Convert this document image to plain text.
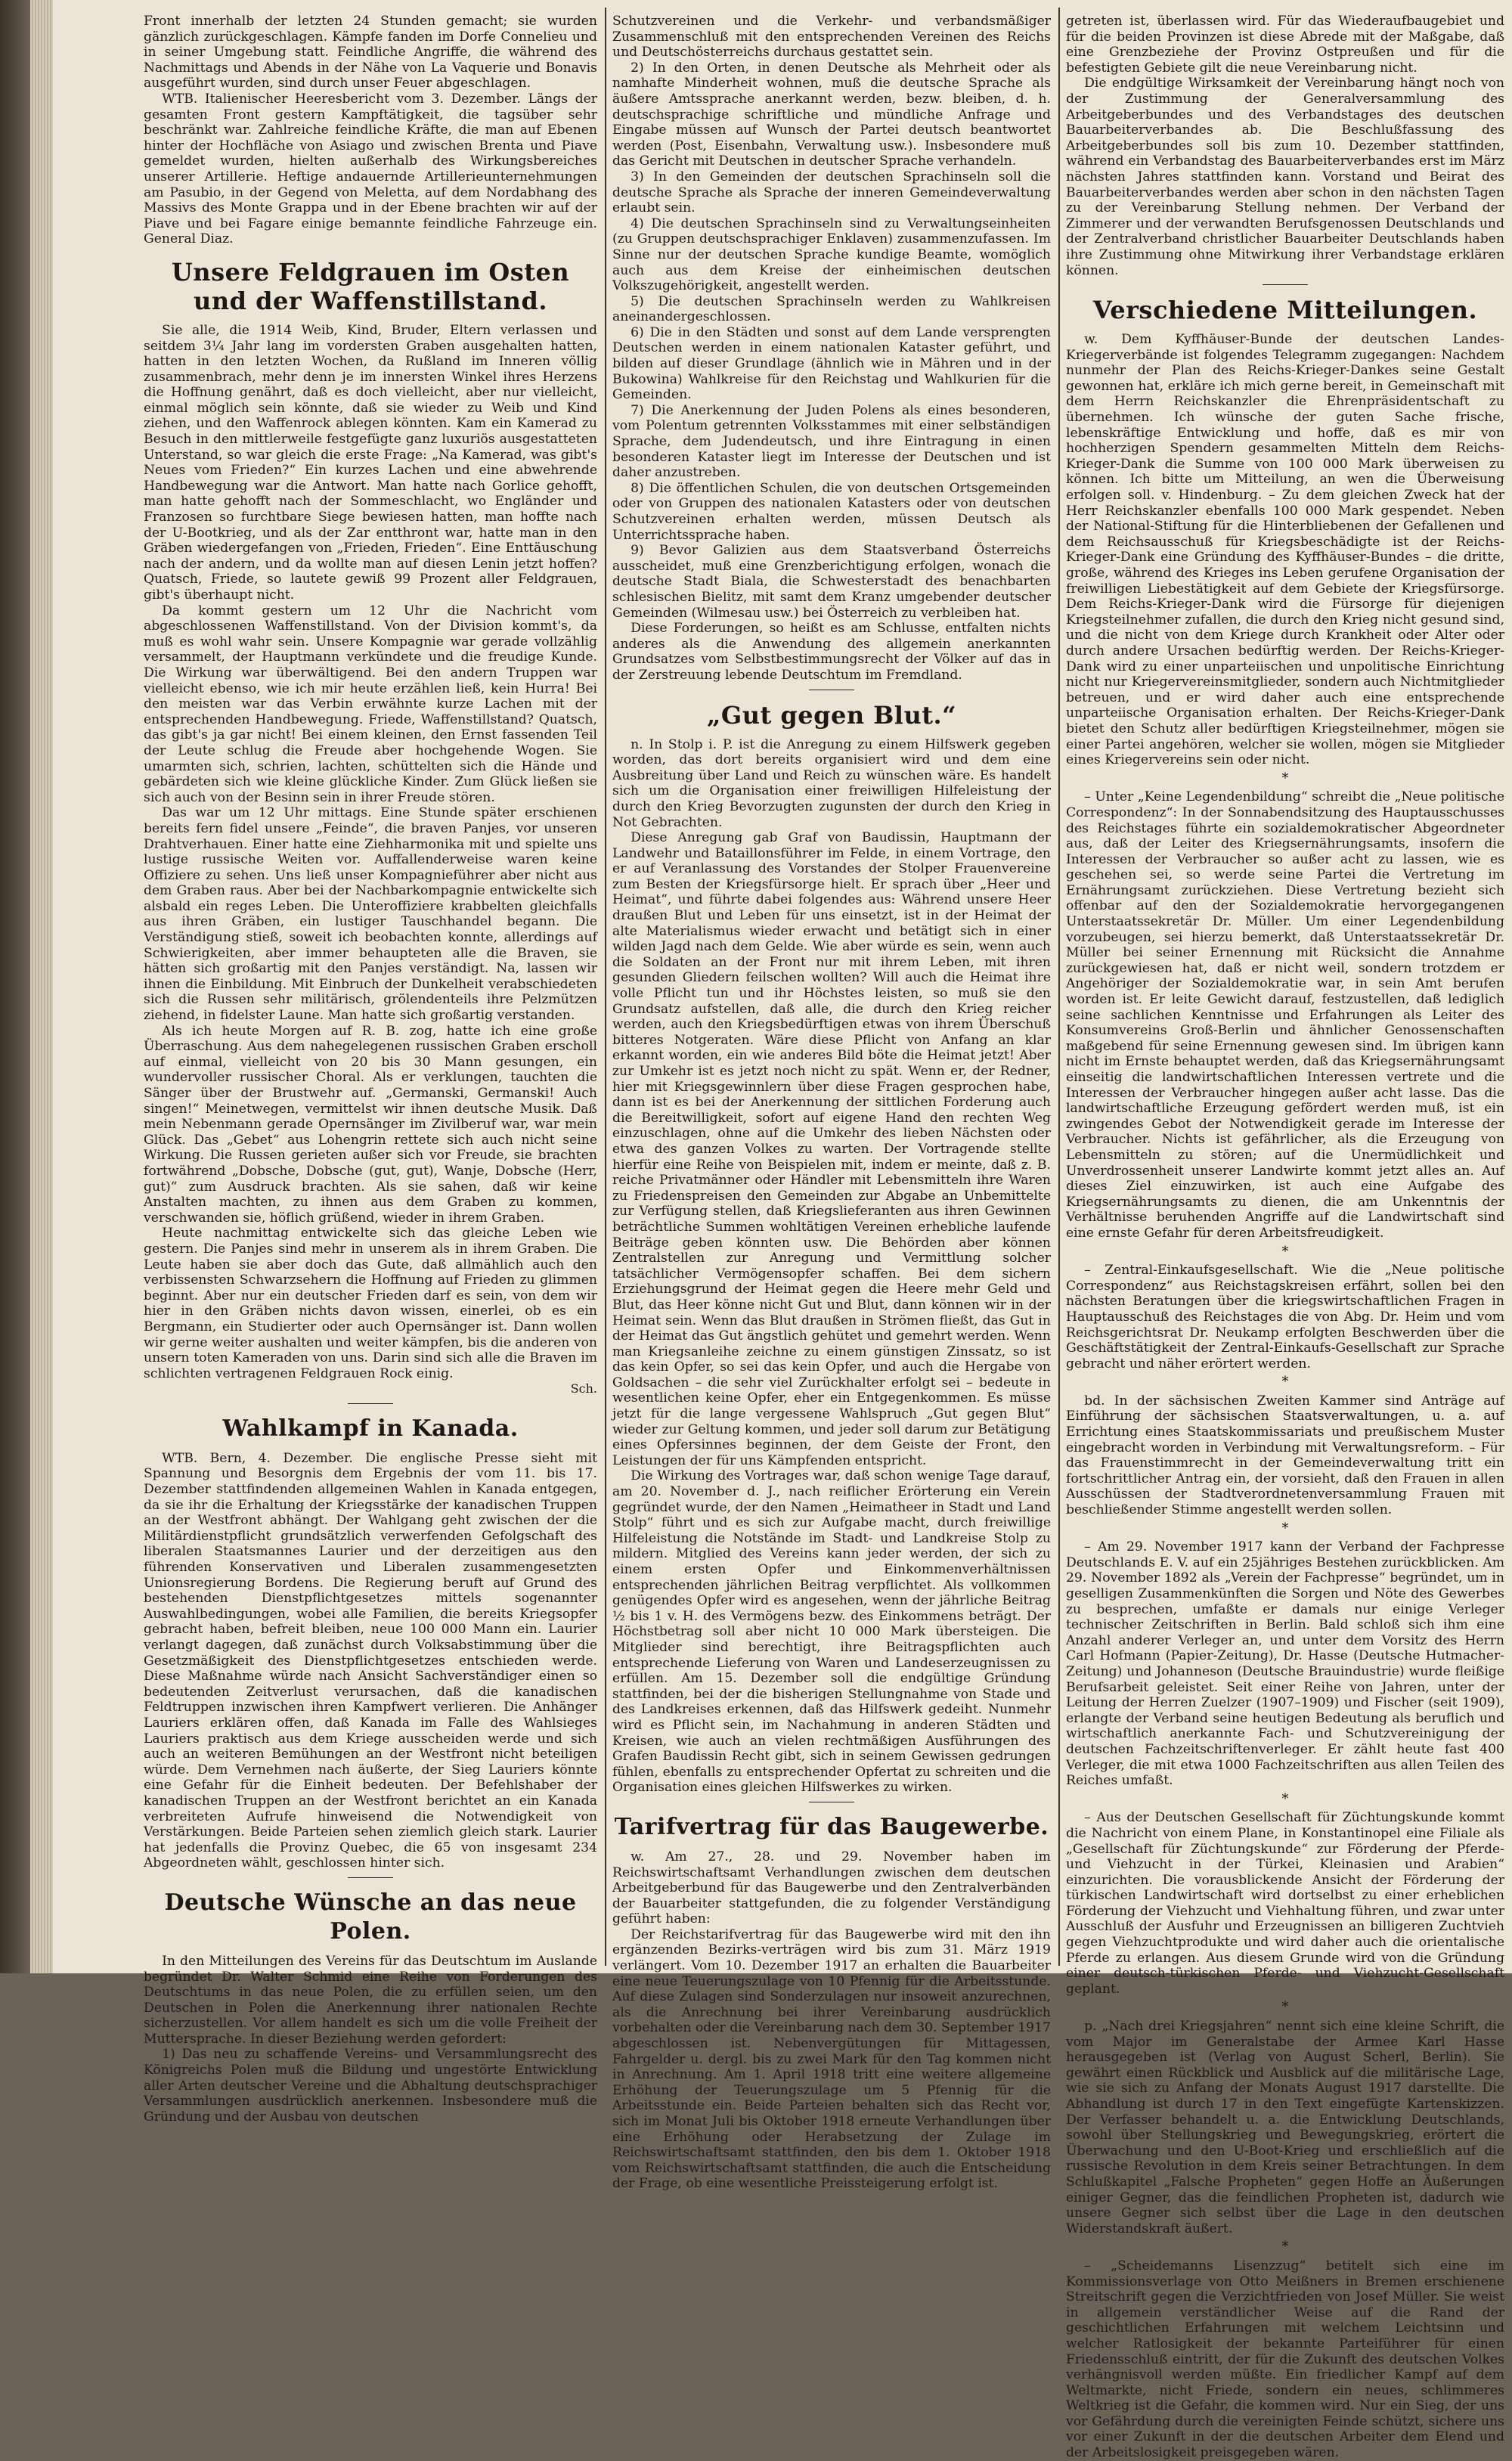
Front innerhalb der letzten 24 Stunden gemacht; sie wurden gänzlich zurückgeschlagen. Kämpfe fanden im Dorfe Connelieu und in seiner Umgebung statt. Feindliche Angriffe, die während des Nachmittags und Abends in der Nähe von La Vaquerie und Bonavis ausgeführt wurden, sind durch unser Feuer abgeschlagen.

WTB. Italienischer Heeresbericht vom 3. Dezember. Längs der gesamten Front gestern Kampftätigkeit, die tagsüber sehr beschränkt war. Zahlreiche feindliche Kräfte, die man auf Ebenen hinter der Hochfläche von Asiago und zwischen Brenta und Piave gemeldet wurden, hielten außerhalb des Wirkungsbereiches unserer Artillerie. Heftige andauernde Artillerieunternehmungen am Pasubio, in der Gegend von Meletta, auf dem Nordabhang des Massivs des Monte Grappa und in der Ebene brachten wir auf der Piave und bei Fagare einige bemannte feindliche Fahrzeuge ein. General Diaz.

Unsere Feldgrauen im Osten und der Waffenstillstand.

Sie alle, die 1914 Weib, Kind, Bruder, Eltern verlassen und seitdem 3¼ Jahr lang im vordersten Graben ausgehalten hatten, hatten in den letzten Wochen, da Rußland im Inneren völlig zusammenbrach, mehr denn je im innersten Winkel ihres Herzens die Hoffnung genährt, daß es doch vielleicht, aber nur vielleicht, einmal möglich sein könnte, daß sie wieder zu Weib und Kind ziehen, und den Waffenrock ablegen könnten. Kam ein Kamerad zu Besuch in den mittlerweile festgefügte ganz luxuriös ausgestatteten Unterstand, so war gleich die erste Frage: „Na Kamerad, was gibt's Neues vom Frieden?“ Ein kurzes Lachen und eine abwehrende Handbewegung war die Antwort. Man hatte nach Gorlice gehofft, man hatte gehofft nach der Sommeschlacht, wo Engländer und Franzosen so furchtbare Siege bewiesen hatten, man hoffte nach der U-Bootkrieg, und als der Zar entthront war, hatte man in den Gräben wiedergefangen von „Frieden, Frieden“. Eine Enttäuschung nach der andern, und da wollte man auf diesen Lenin jetzt hoffen? Quatsch, Friede, so lautete gewiß 99 Prozent aller Feldgrauen, gibt's überhaupt nicht.

Da kommt gestern um 12 Uhr die Nachricht vom abgeschlossenen Waffenstillstand. Von der Division kommt's, da muß es wohl wahr sein. Unsere Kompagnie war gerade vollzählig versammelt, der Hauptmann verkündete und die freudige Kunde. Die Wirkung war überwältigend. Bei den andern Truppen war vielleicht ebenso, wie ich mir heute erzählen ließ, kein Hurra! Bei den meisten war das Verbin erwähnte kurze Lachen mit der entsprechenden Handbewegung. Friede, Waffenstillstand? Quatsch, das gibt's ja gar nicht! Bei einem kleinen, den Ernst fassenden Teil der Leute schlug die Freude aber hochgehende Wogen. Sie umarmten sich, schrien, lachten, schüttelten sich die Hände und gebärdeten sich wie kleine glückliche Kinder. Zum Glück ließen sie sich auch von der Besinn sein in ihrer Freude stören.

Das war um 12 Uhr mittags. Eine Stunde später erschienen bereits fern fidel unsere „Feinde“, die braven Panjes, vor unseren Drahtverhauen. Einer hatte eine Ziehharmonika mit und spielte uns lustige russische Weiten vor. Auffallenderweise waren keine Offiziere zu sehen. Uns ließ unser Kompagnieführer aber nicht aus dem Graben raus. Aber bei der Nachbarkompagnie entwickelte sich alsbald ein reges Leben. Die Unteroffiziere krabbelten gleichfalls aus ihren Gräben, ein lustiger Tauschhandel begann. Die Verständigung stieß, soweit ich beobachten konnte, allerdings auf Schwierigkeiten, aber immer behaupteten alle die Braven, sie hätten sich großartig mit den Panjes verständigt. Na, lassen wir ihnen die Einbildung. Mit Einbruch der Dunkelheit verabschiedeten sich die Russen sehr militärisch, grölendenteils ihre Pelzmützen ziehend, in fidelster Laune. Man hatte sich großartig verstanden.

Als ich heute Morgen auf R. B. zog, hatte ich eine große Überraschung. Aus dem nahegelegenen russischen Graben erscholl auf einmal, vielleicht von 20 bis 30 Mann gesungen, ein wundervoller russischer Choral. Als er verklungen, tauchten die Sänger über der Brustwehr auf. „Germanski, Germanski! Auch singen!“ Meinetwegen, vermittelst wir ihnen deutsche Musik. Daß mein Nebenmann gerade Opernsänger im Zivilberuf war, war mein Glück. Das „Gebet“ aus Lohengrin rettete sich auch nicht seine Wirkung. Die Russen gerieten außer sich vor Freude, sie brachten fortwährend „Dobsche, Dobsche (gut, gut), Wanje, Dobsche (Herr, gut)“ zum Ausdruck brachten. Als sie sahen, daß wir keine Anstalten machten, zu ihnen aus dem Graben zu kommen, verschwanden sie, höflich grüßend, wieder in ihrem Graben.

Heute nachmittag entwickelte sich das gleiche Leben wie gestern. Die Panjes sind mehr in unserem als in ihrem Graben. Die Leute haben sie aber doch das Gute, daß allmählich auch den verbissensten Schwarzsehern die Hoffnung auf Frieden zu glimmen beginnt. Aber nur ein deutscher Frieden darf es sein, von dem wir hier in den Gräben nichts davon wissen, einerlei, ob es ein Bergmann, ein Studierter oder auch Opernsänger ist. Dann wollen wir gerne weiter aushalten und weiter kämpfen, bis die anderen von unsern toten Kameraden von uns. Darin sind sich alle die Braven im schlichten vertragenen Feldgrauen Rock einig.

Sch.
Wahlkampf in Kanada.

WTB. Bern, 4. Dezember. Die englische Presse sieht mit Spannung und Besorgnis dem Ergebnis der vom 11. bis 17. Dezember stattfindenden allgemeinen Wahlen in Kanada entgegen, da sie ihr die Erhaltung der Kriegsstärke der kanadischen Truppen an der Westfront abhängt. Der Wahlgang geht zwischen der die Militärdienstpflicht grundsätzlich verwerfenden Gefolgschaft des liberalen Staatsmannes Laurier und der derzeitigen aus den führenden Konservativen und Liberalen zusammengesetzten Unionsregierung Bordens. Die Regierung beruft auf Grund des bestehenden Dienstpflichtgesetzes mittels sogenannter Auswahlbedingungen, wobei alle Familien, die bereits Kriegsopfer gebracht haben, befreit bleiben, neue 100 000 Mann ein. Laurier verlangt dagegen, daß zunächst durch Volksabstimmung über die Gesetzmäßigkeit des Dienstpflichtgesetzes entschieden werde. Diese Maßnahme würde nach Ansicht Sachverständiger einen so bedeutenden Zeitverlust verursachen, daß die kanadischen Feldtruppen inzwischen ihren Kampfwert verlieren. Die Anhänger Lauriers erklären offen, daß Kanada im Falle des Wahlsieges Lauriers praktisch aus dem Kriege ausscheiden werde und sich auch an weiteren Bemühungen an der Westfront nicht beteiligen würde. Dem Vernehmen nach äußerte, der Sieg Lauriers könnte eine Gefahr für die Einheit bedeuten. Der Befehlshaber der kanadischen Truppen an der Westfront berichtet an ein Kanada verbreiteten Aufrufe hinweisend die Notwendigkeit von Verstärkungen. Beide Parteien sehen ziemlich gleich stark. Laurier hat jedenfalls die Provinz Quebec, die 65 von insgesamt 234 Abgeordneten wählt, geschlossen hinter sich.

Deutsche Wünsche an das neue Polen.

In den Mitteilungen des Vereins für das Deutschtum im Auslande begründet Dr. Walter Schmid eine Reihe von Forderungen des Deutschtums in das neue Polen, die zu erfüllen seien, um den Deutschen in Polen die Anerkennung ihrer nationalen Rechte sicherzustellen. Vor allem handelt es sich um die volle Freiheit der Muttersprache. In dieser Beziehung werden gefordert:

1) Das neu zu schaffende Vereins- und Versammlungsrecht des Königreichs Polen muß die Bildung und ungestörte Entwicklung aller Arten deutscher Vereine und die Abhaltung deutschsprachiger Versammlungen ausdrücklich anerkennen. Insbesondere muß die Gründung und der Ausbau von deutschen

Schutzvereinen und die Verkehr- und verbandsmäßiger Zusammenschluß mit den entsprechenden Vereinen des Reichs und Deutschösterreichs durchaus gestattet sein.

2) In den Orten, in denen Deutsche als Mehrheit oder als namhafte Minderheit wohnen, muß die deutsche Sprache als äußere Amtssprache anerkannt werden, bezw. bleiben, d. h. deutschsprachige schriftliche und mündliche Anfrage und Eingabe müssen auf Wunsch der Partei deutsch beantwortet werden (Post, Eisenbahn, Verwaltung usw.). Insbesondere muß das Gericht mit Deutschen in deutscher Sprache verhandeln.

3) In den Gemeinden der deutschen Sprachinseln soll die deutsche Sprache als Sprache der inneren Gemeindeverwaltung erlaubt sein.

4) Die deutschen Sprachinseln sind zu Verwaltungseinheiten (zu Gruppen deutschsprachiger Enklaven) zusammenzufassen. Im Sinne nur der deutschen Sprache kundige Beamte, womöglich auch aus dem Kreise der einheimischen deutschen Volkszugehörigkeit, angestellt werden.

5) Die deutschen Sprachinseln werden zu Wahlkreisen aneinandergeschlossen.

6) Die in den Städten und sonst auf dem Lande versprengten Deutschen werden in einem nationalen Kataster geführt, und bilden auf dieser Grundlage (ähnlich wie in Mähren und in der Bukowina) Wahlkreise für den Reichstag und Wahlkurien für die Gemeinden.

7) Die Anerkennung der Juden Polens als eines besonderen, vom Polentum getrennten Volksstammes mit einer selbständigen Sprache, dem Judendeutsch, und ihre Eintragung in einen besonderen Kataster liegt im Interesse der Deutschen und ist daher anzustreben.

8) Die öffentlichen Schulen, die von deutschen Ortsgemeinden oder von Gruppen des nationalen Katasters oder von deutschen Schutzvereinen erhalten werden, müssen Deutsch als Unterrichtssprache haben.

9) Bevor Galizien aus dem Staatsverband Österreichs ausscheidet, muß eine Grenzberichtigung erfolgen, wonach die deutsche Stadt Biala, die Schwesterstadt des benachbarten schlesischen Bielitz, mit samt dem Kranz umgebender deutscher Gemeinden (Wilmesau usw.) bei Österreich zu verbleiben hat.

Diese Forderungen, so heißt es am Schlusse, entfalten nichts anderes als die Anwendung des allgemein anerkannten Grundsatzes vom Selbstbestimmungsrecht der Völker auf das in der Zerstreuung lebende Deutschtum im Fremdland.

„Gut gegen Blut.“

n. In Stolp i. P. ist die Anregung zu einem Hilfswerk gegeben worden, das dort bereits organisiert wird und dem eine Ausbreitung über Land und Reich zu wünschen wäre. Es handelt sich um die Organisation einer freiwilligen Hilfeleistung der durch den Krieg Bevorzugten zugunsten der durch den Krieg in Not Gebrachten.

Diese Anregung gab Graf von Baudissin, Hauptmann der Landwehr und Bataillonsführer im Felde, in einem Vortrage, den er auf Veranlassung des Vorstandes der Stolper Frauenvereine zum Besten der Kriegsfürsorge hielt. Er sprach über „Heer und Heimat“, und führte dabei folgendes aus: Während unsere Heer draußen Blut und Leben für uns einsetzt, ist in der Heimat der alte Materialismus wieder erwacht und betätigt sich in einer wilden Jagd nach dem Gelde. Wie aber würde es sein, wenn auch die Soldaten an der Front nur mit ihrem Leben, mit ihren gesunden Gliedern feilschen wollten? Will auch die Heimat ihre volle Pflicht tun und ihr Höchstes leisten, so muß sie den Grundsatz aufstellen, daß alle, die durch den Krieg reicher werden, auch den Kriegsbedürftigen etwas von ihrem Überschuß bitteres Notgeraten. Wäre diese Pflicht von Anfang an klar erkannt worden, ein wie anderes Bild böte die Heimat jetzt! Aber zur Umkehr ist es jetzt noch nicht zu spät. Wenn er, der Redner, hier mit Kriegsgewinnlern über diese Fragen gesprochen habe, dann ist es bei der Anerkennung der sittlichen Forderung auch die Bereitwilligkeit, sofort auf eigene Hand den rechten Weg einzuschlagen, ohne auf die Umkehr des lieben Nächsten oder etwa des ganzen Volkes zu warten. Der Vortragende stellte hierfür eine Reihe von Beispielen mit, indem er meinte, daß z. B. reiche Privatmänner oder Händler mit Lebensmitteln ihre Waren zu Friedenspreisen den Gemeinden zur Abgabe an Unbemittelte zur Verfügung stellen, daß Kriegslieferanten aus ihren Gewinnen beträchtliche Summen wohltätigen Vereinen erhebliche laufende Beiträge geben könnten usw. Die Behörden aber können Zentralstellen zur Anregung und Vermittlung solcher tatsächlicher Vermögensopfer schaffen. Bei dem sichern Erziehungsgrund der Heimat gegen die Heere mehr Geld und Blut, das Heer könne nicht Gut und Blut, dann können wir in der Heimat sein. Wenn das Blut draußen in Strömen fließt, das Gut in der Heimat das Gut ängstlich gehütet und gemehrt werden. Wenn man Kriegsanleihe zeichne zu einem günstigen Zinssatz, so ist das kein Opfer, so sei das kein Opfer, und auch die Hergabe von Goldsachen – die sehr viel Zurückhalter erfolgt sei – bedeute in wesentlichen keine Opfer, eher ein Entgegenkommen. Es müsse jetzt für die lange vergessene Wahlspruch „Gut gegen Blut“ wieder zur Geltung kommen, und jeder soll darum zur Betätigung eines Opfersinnes beginnen, der dem Geiste der Front, den Leistungen der für uns Kämpfenden entspricht.

Die Wirkung des Vortrages war, daß schon wenige Tage darauf, am 20. November d. J., nach reiflicher Erörterung ein Verein gegründet wurde, der den Namen „Heimatheer in Stadt und Land Stolp“ führt und es sich zur Aufgabe macht, durch freiwillige Hilfeleistung die Notstände im Stadt- und Landkreise Stolp zu mildern. Mitglied des Vereins kann jeder werden, der sich zu einem ersten Opfer und Einkommenverhältnissen entsprechenden jährlichen Beitrag verpflichtet. Als vollkommen genügendes Opfer wird es angesehen, wenn der jährliche Beitrag ½ bis 1 v. H. des Vermögens bezw. des Einkommens beträgt. Der Höchstbetrag soll aber nicht 10 000 Mark übersteigen. Die Mitglieder sind berechtigt, ihre Beitragspflichten auch entsprechende Lieferung von Waren und Landeserzeugnissen zu erfüllen. Am 15. Dezember soll die endgültige Gründung stattfinden, bei der die bisherigen Stellungnahme von Stade und des Landkreises erkennen, daß das Hilfswerk gedeiht. Nunmehr wird es Pflicht sein, im Nachahmung in anderen Städten und Kreisen, wie auch an vielen rechtmäßigen Ausführungen des Grafen Baudissin Recht gibt, sich in seinem Gewissen gedrungen fühlen, ebenfalls zu entsprechender Opfertat zu schreiten und die Organisation eines gleichen Hilfswerkes zu wirken.

Tarifvertrag für das Baugewerbe.

w. Am 27., 28. und 29. November haben im Reichswirtschaftsamt Verhandlungen zwischen dem deutschen Arbeitgeberbund für das Baugewerbe und den Zentralverbänden der Bauarbeiter stattgefunden, die zu folgender Verständigung geführt haben:

Der Reichstarifvertrag für das Baugewerbe wird mit den ihn ergänzenden Bezirks-verträgen wird bis zum 31. März 1919 verlängert. Vom 10. Dezember 1917 an erhalten die Bauarbeiter eine neue Teuerungszulage von 10 Pfennig für die Arbeitsstunde. Auf diese Zulagen sind Sonderzulagen nur insoweit anzurechnen, als die Anrechnung bei ihrer Vereinbarung ausdrücklich vorbehalten oder die Vereinbarung nach dem 30. September 1917 abgeschlossen ist. Nebenvergütungen für Mittagessen, Fahrgelder u. dergl. bis zu zwei Mark für den Tag kommen nicht in Anrechnung. Am 1. April 1918 tritt eine weitere allgemeine Erhöhung der Teuerungszulage um 5 Pfennig für die Arbeitsstunde ein. Beide Parteien behalten sich das Recht vor, sich im Monat Juli bis Oktober 1918 erneute Verhandlungen über eine Erhöhung oder Herabsetzung der Zulage im Reichswirtschaftsamt stattfinden, den bis dem 1. Oktober 1918 vom Reichswirtschaftsamt stattfinden, die auch die Entscheidung der Frage, ob eine wesentliche Preissteigerung erfolgt ist.

getreten ist, überlassen wird. Für das Wiederaufbaugebiet und für die beiden Provinzen ist diese Abrede mit der Maßgabe, daß eine Grenzbeziehe der Provinz Ostpreußen und für die befestigten Gebiete gilt die neue Vereinbarung nicht.

Die endgültige Wirksamkeit der Vereinbarung hängt noch von der Zustimmung der Generalversammlung des Arbeitgeberbundes und des Verbandstages des deutschen Bauarbeiterverbandes ab. Die Beschlußfassung des Arbeitgeberbundes soll bis zum 10. Dezember stattfinden, während ein Verbandstag des Bauarbeiterverbandes erst im März nächsten Jahres stattfinden kann. Vorstand und Beirat des Bauarbeiterverbandes werden aber schon in den nächsten Tagen zu der Vereinbarung Stellung nehmen. Der Verband der Zimmerer und der verwandten Berufsgenossen Deutschlands und der Zentralverband christlicher Bauarbeiter Deutschlands haben ihre Zustimmung ohne Mitwirkung ihrer Verbandstage erklären können.

Verschiedene Mitteilungen.

w. Dem Kyffhäuser-Bunde der deutschen Landes-Kriegerverbände ist folgendes Telegramm zugegangen: Nachdem nunmehr der Plan des Reichs-Krieger-Dankes seine Gestalt gewonnen hat, erkläre ich mich gerne bereit, in Gemeinschaft mit dem Herrn Reichskanzler die Ehrenpräsidentschaft zu übernehmen. Ich wünsche der guten Sache frische, lebenskräftige Entwicklung und hoffe, daß es mir von hochherzigen Spendern gesammelten Mitteln dem Reichs-Krieger-Dank die Summe von 100 000 Mark überweisen zu können. Ich bitte um Mitteilung, an wen die Überweisung erfolgen soll. v. Hindenburg. – Zu dem gleichen Zweck hat der Herr Reichskanzler ebenfalls 100 000 Mark gespendet. Neben der National-Stiftung für die Hinterbliebenen der Gefallenen und dem Reichsausschuß für Kriegsbeschädigte ist der Reichs-Krieger-Dank eine Gründung des Kyffhäuser-Bundes – die dritte, große, während des Krieges ins Leben gerufene Organisation der freiwilligen Liebestätigkeit auf dem Gebiete der Kriegsfürsorge. Dem Reichs-Krieger-Dank wird die Fürsorge für diejenigen Kriegsteilnehmer zufallen, die durch den Krieg nicht gesund sind, und die nicht von dem Kriege durch Krankheit oder Alter oder durch andere Ursachen bedürftig werden. Der Reichs-Krieger-Dank wird zu einer unparteiischen und unpolitische Einrichtung nicht nur Kriegervereinsmitglieder, sondern auch Nichtmitglieder betreuen, und er wird daher auch eine entsprechende unparteiische Organisation erhalten. Der Reichs-Krieger-Dank bietet den Schutz aller bedürftigen Kriegsteilnehmer, mögen sie einer Partei angehören, welcher sie wollen, mögen sie Mitglieder eines Kriegervereins sein oder nicht.

*

– Unter „Keine Legendenbildung“ schreibt die „Neue politische Correspondenz“: In der Sonnabendsitzung des Hauptausschusses des Reichstages führte ein sozialdemokratischer Abgeordneter aus, daß der Leiter des Kriegsernährungsamts, insofern die Interessen der Verbraucher so außer acht zu lassen, wie es geschehen sei, so werde seine Partei die Vertretung im Ernährungsamt zurückziehen. Diese Vertretung bezieht sich offenbar auf den der Sozialdemokratie hervorgegangenen Unterstaatssekretär Dr. Müller. Um einer Legendenbildung vorzubeugen, sei hierzu bemerkt, daß Unterstaatssekretär Dr. Müller bei seiner Ernennung mit Rücksicht die Annahme zurückgewiesen hat, daß er nicht weil, sondern trotzdem er Angehöriger der Sozialdemokratie war, in sein Amt berufen worden ist. Er leite Gewicht darauf, festzustellen, daß lediglich seine sachlichen Kenntnisse und Erfahrungen als Leiter des Konsumvereins Groß-Berlin und ähnlicher Genossenschaften maßgebend für seine Ernennung gewesen sind. Im übrigen kann nicht im Ernste behauptet werden, daß das Kriegsernährungsamt einseitig die landwirtschaftlichen Interessen vertrete und die Interessen der Verbraucher hingegen außer acht lasse. Das die landwirtschaftliche Erzeugung gefördert werden muß, ist ein zwingendes Gebot der Notwendigkeit gerade im Interesse der Verbraucher. Nichts ist gefährlicher, als die Erzeugung von Lebensmitteln zu stören; auf die Unermüdlichkeit und Unverdrossenheit unserer Landwirte kommt jetzt alles an. Auf dieses Ziel einzuwirken, ist auch eine Aufgabe des Kriegsernährungsamts zu dienen, die am Unkenntnis der Verhältnisse beruhenden Angriffe auf die Landwirtschaft sind eine ernste Gefahr für deren Arbeitsfreudigkeit.

*

– Zentral-Einkaufsgesellschaft. Wie die „Neue politische Correspondenz“ aus Reichstagskreisen erfährt, sollen bei den nächsten Beratungen über die kriegswirtschaftlichen Fragen in Hauptausschuß des Reichstages die von Abg. Dr. Heim und vom Reichsgerichtsrat Dr. Neukamp erfolgten Beschwerden über die Geschäftstätigkeit der Zentral-Einkaufs-Gesellschaft zur Sprache gebracht und näher erörtert werden.

*

bd. In der sächsischen Zweiten Kammer sind Anträge auf Einführung der sächsischen Staatsverwaltungen, u. a. auf Errichtung eines Staatskommissariats und preußischem Muster eingebracht worden in Verbindung mit Verwaltungsreform. – Für das Frauenstimmrecht in der Gemeindeverwaltung tritt ein fortschrittlicher Antrag ein, der vorsieht, daß den Frauen in allen Ausschüssen der Stadtverordnetenversammlung Frauen mit beschließender Stimme angestellt werden sollen.

*

– Am 29. November 1917 kann der Verband der Fachpresse Deutschlands E. V. auf ein 25jähriges Bestehen zurückblicken. Am 29. November 1892 als „Verein der Fachpresse“ begründet, um in geselligen Zusammenkünften die Sorgen und Nöte des Gewerbes zu besprechen, umfaßte er damals nur einige Verleger technischer Zeitschriften in Berlin. Bald schloß sich ihm eine Anzahl anderer Verleger an, und unter dem Vorsitz des Herrn Carl Hofmann (Papier-Zeitung), Dr. Hasse (Deutsche Hutmacher-Zeitung) und Johanneson (Deutsche Brauindustrie) wurde fleißige Berufsarbeit geleistet. Seit einer Reihe von Jahren, unter der Leitung der Herren Zuelzer (1907–1909) und Fischer (seit 1909), erlangte der Verband seine heutigen Bedeutung als beruflich und wirtschaftlich anerkannte Fach- und Schutzvereinigung der deutschen Fachzeitschriftenverleger. Er zählt heute fast 400 Verleger, die mit etwa 1000 Fachzeitschriften aus allen Teilen des Reiches umfaßt.

*

– Aus der Deutschen Gesellschaft für Züchtungskunde kommt die Nachricht von einem Plane, in Konstantinopel eine Filiale als „Gesellschaft für Züchtungskunde“ zur Förderung der Pferde- und Viehzucht in der Türkei, Kleinasien und Arabien“ einzurichten. Die vorausblickende Ansicht der Förderung der türkischen Landwirtschaft wird dortselbst zu einer erheblichen Förderung der Viehzucht und Viehhaltung führen, und zwar unter Ausschluß der Ausfuhr und Erzeugnissen an billigeren Zuchtvieh gegen Viehzuchtprodukte und wird daher auch die orientalische Pferde zu erlangen. Aus diesem Grunde wird von die Gründung einer deutsch-türkischen Pferde- und Viehzucht-Gesellschaft geplant.

*

p. „Nach drei Kriegsjahren“ nennt sich eine kleine Schrift, die vom Major im Generalstabe der Armee Karl Hasse herausgegeben ist (Verlag von August Scherl, Berlin). Sie gewährt einen Rückblick und Ausblick auf die militärische Lage, wie sie sich zu Anfang der Monats August 1917 darstellte. Die Abhandlung ist durch 17 in den Text eingefügte Kartenskizzen. Der Verfasser behandelt u. a. die Entwicklung Deutschlands, sowohl über Stellungskrieg und Bewegungskrieg, erörtert die Überwachung und den U-Boot-Krieg und erschließlich auf die russische Revolution in dem Kreis seiner Betrachtungen. In dem Schlußkapitel „Falsche Propheten“ gegen Hoffe an Äußerungen einiger Gegner, das die feindlichen Propheten ist, dadurch wie unsere Gegner sich selbst über die Lage in den deutschen Widerstandskraft äußert.

*

– „Scheidemanns Lisenzzug“ betitelt sich eine im Kommissionsverlage von Otto Meißners in Bremen erschienene Streitschrift gegen die Verzichtfrieden von Josef Müller. Sie weist in allgemein verständlicher Weise auf die Rand der geschichtlichen Erfahrungen mit welchem Leichtsinn und welcher Ratlosigkeit der bekannte Parteiführer für einen Friedensschluß eintritt, der für die Zukunft des deutschen Volkes verhängnisvoll werden müßte. Ein friedlicher Kampf auf dem Weltmarkte, nicht Friede, sondern ein neues, schlimmeres Weltkrieg ist die Gefahr, die kommen wird. Nur ein Sieg, der uns vor Gefährdung durch die vereinigten Feinde schützt, sichere uns vor einer Zukunft in der die deutschen Arbeiter dem Elend und der Arbeitslosigkeit preisgegeben wären.
